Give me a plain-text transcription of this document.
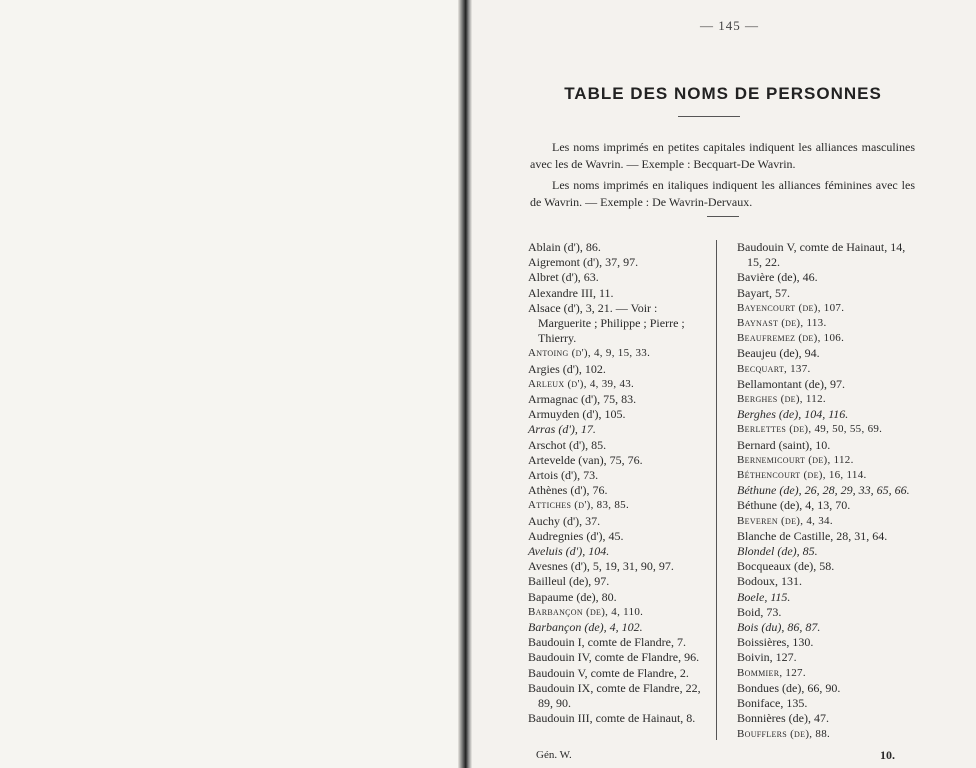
— 145 —
TABLE DES NOMS DE PERSONNES

Les noms imprimés en petites capitales indiquent les alliances masculines avec les de Wavrin. — Exemple : Becquart-De Wavrin.

Les noms imprimés en italiques indiquent les alliances féminines avec les de Wavrin. — Exemple : De Wavrin-Dervaux.

Ablain (d'), 86.
Aigremont (d'), 37, 97.
Albret (d'), 63.
Alexandre III, 11.
Alsace (d'), 3, 21. — Voir : Marguerite ; Philippe ; Pierre ; Thierry.
Antoing (d'), 4, 9, 15, 33.
Argies (d'), 102.
Arleux (d'), 4, 39, 43.
Armagnac (d'), 75, 83.
Armuyden (d'), 105.
Arras (d'), 17.
Arschot (d'), 85.
Artevelde (van), 75, 76.
Artois (d'), 73.
Athènes (d'), 76.
Attiches (d'), 83, 85.
Auchy (d'), 37.
Audregnies (d'), 45.
Aveluis (d'), 104.
Avesnes (d'), 5, 19, 31, 90, 97.
Bailleul (de), 97.
Bapaume (de), 80.
Barbançon (de), 4, 110.
Barbançon (de), 4, 102.
Baudouin I, comte de Flandre, 7.
Baudouin IV, comte de Flandre, 96.
Baudouin V, comte de Flandre, 2.
Baudouin IX, comte de Flandre, 22, 89, 90.
Baudouin III, comte de Hainaut, 8.
Baudouin V, comte de Hainaut, 14, 15, 22.
Bavière (de), 46.
Bayart, 57.
Bayencourt (de), 107.
Baynast (de), 113.
Beaufremez (de), 106.
Beaujeu (de), 94.
Becquart, 137.
Bellamontant (de), 97.
Berghes (de), 112.
Berghes (de), 104, 116.
Berlettes (de), 49, 50, 55, 69.
Bernard (saint), 10.
Bernemicourt (de), 112.
Béthencourt (de), 16, 114.
Béthune (de), 26, 28, 29, 33, 65, 66.
Béthune (de), 4, 13, 70.
Beveren (de), 4, 34.
Blanche de Castille, 28, 31, 64.
Blondel (de), 85.
Bocqueaux (de), 58.
Bodoux, 131.
Boele, 115.
Boid, 73.
Bois (du), 86, 87.
Boissières, 130.
Boivin, 127.
Bommier, 127.
Bondues (de), 66, 90.
Boniface, 135.
Bonnières (de), 47.
Boufflers (de), 88.
Gén. W.	10.
